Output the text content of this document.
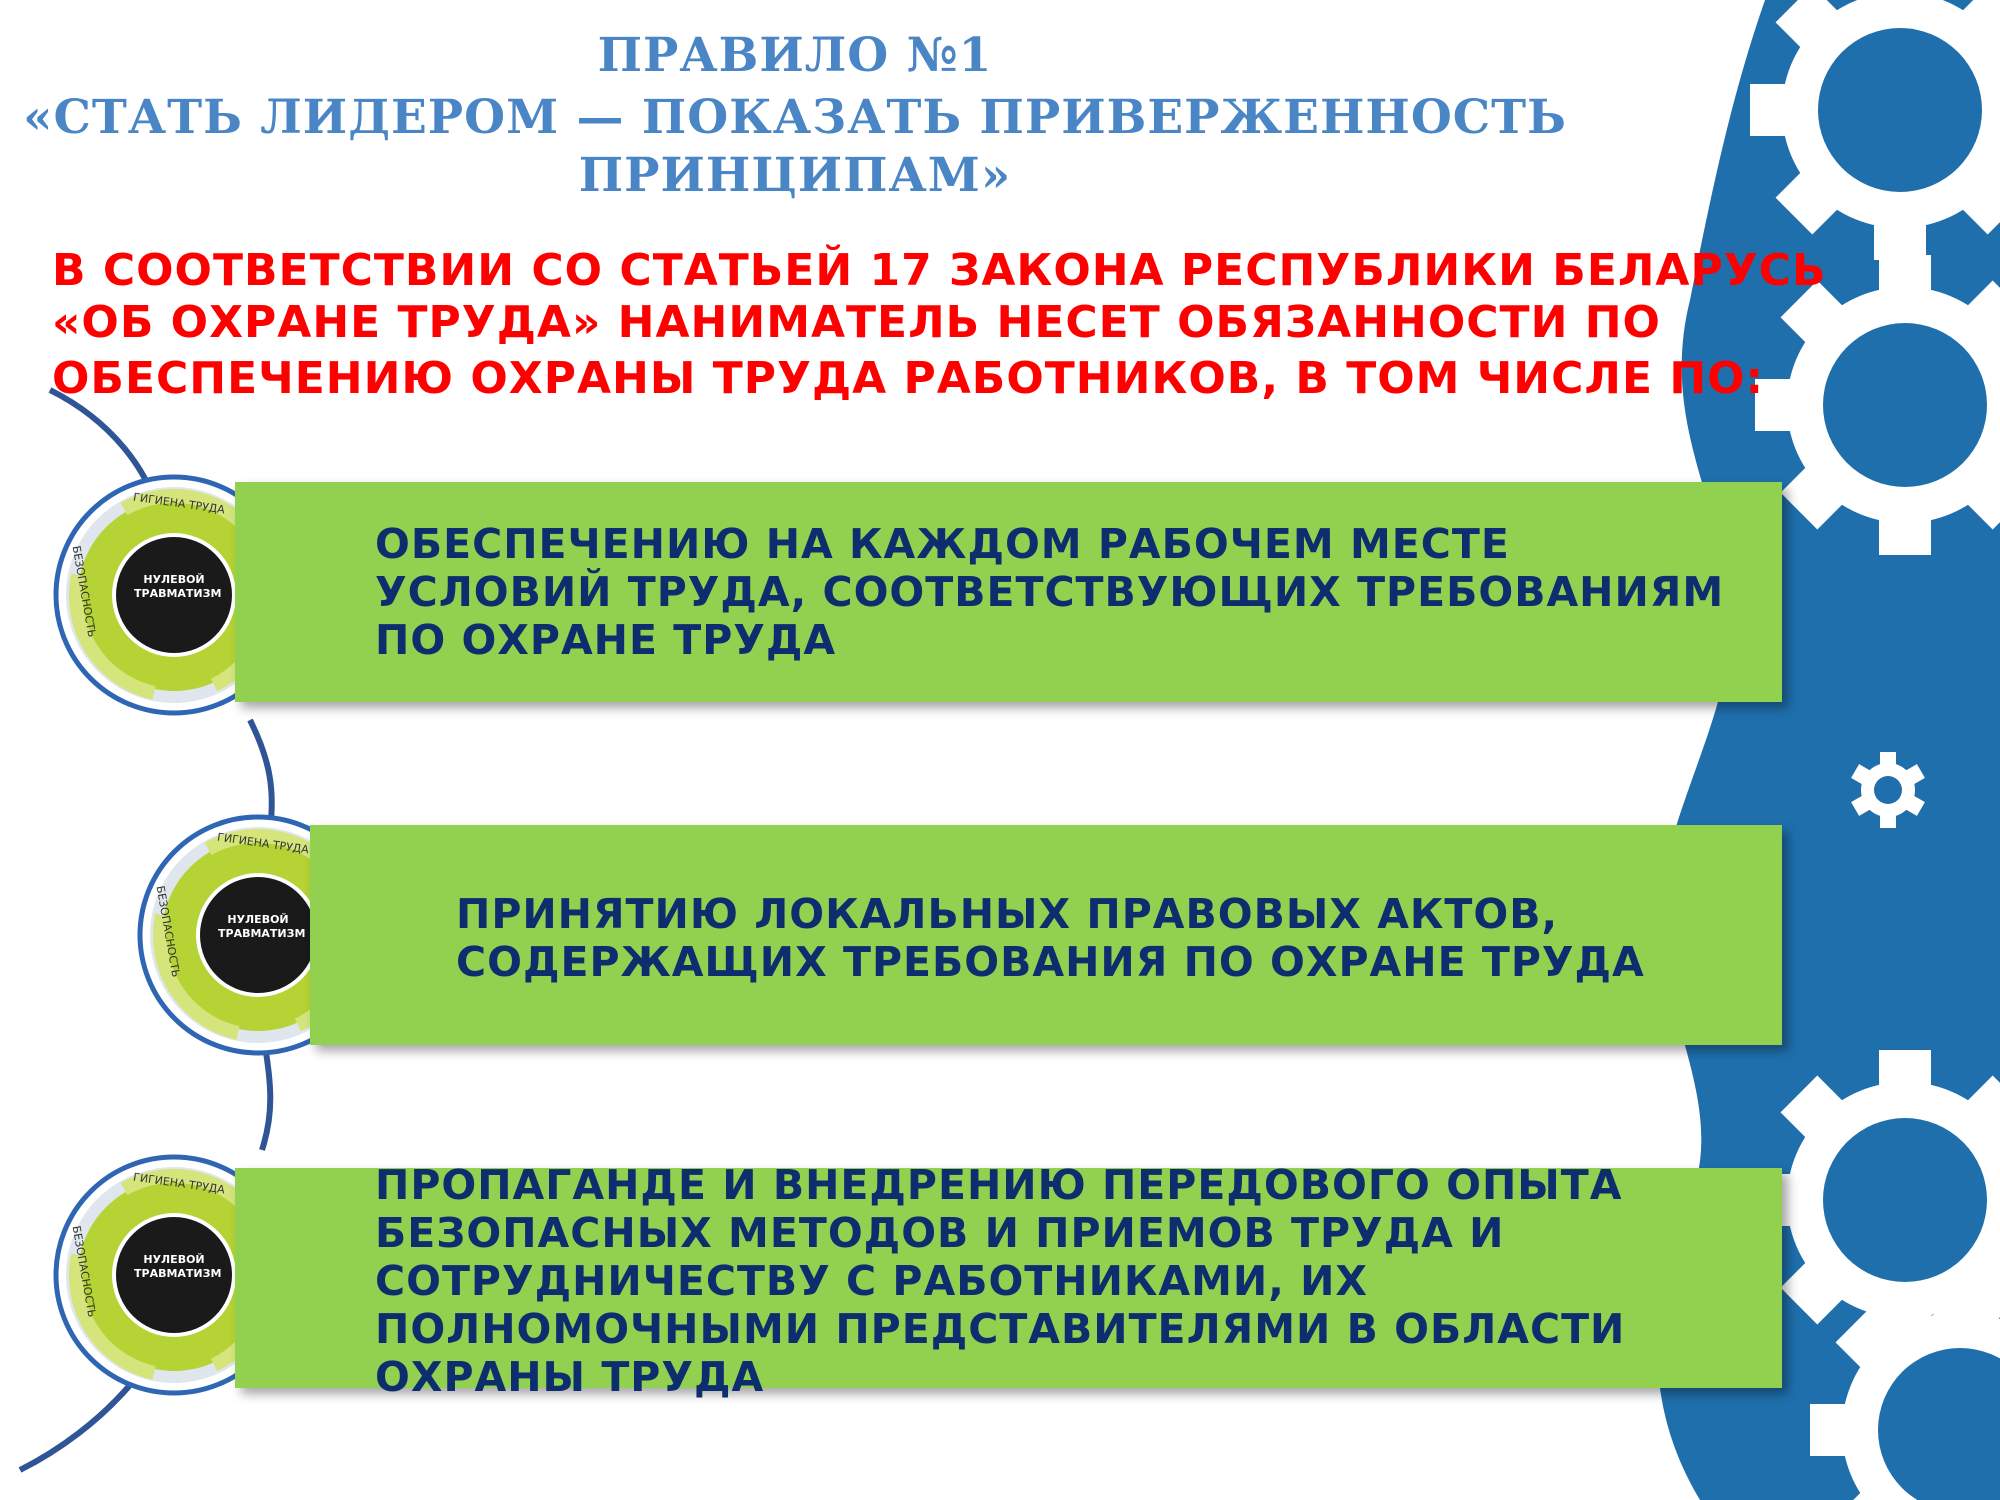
НУЛЕВОЙ
ТРАВМАТИЗМ
ГИГИЕНА ТРУДА
БЕЗОПАСНОСТЬ
НУЛЕВОЙ
ТРАВМАТИЗМ
ГИГИЕНА ТРУДА
БЕЗОПАСНОСТЬ
НУЛЕВОЙ
ТРАВМАТИЗМ
ГИГИЕНА ТРУДА
БЕЗОПАСНОСТЬ
ПРАВИЛО №1
«СТАТЬ ЛИДЕРОМ — ПОКАЗАТЬ ПРИВЕРЖЕННОСТЬ
ПРИНЦИПАМ»
В СООТВЕТСТВИИ СО СТАТЬЕЙ 17 ЗАКОНА РЕСПУБЛИКИ БЕЛАРУСЬ
«ОБ ОХРАНЕ ТРУДА» НАНИМАТЕЛЬ НЕСЕТ ОБЯЗАННОСТИ ПО
ОБЕСПЕЧЕНИЮ ОХРАНЫ ТРУДА РАБОТНИКОВ, В ТОМ ЧИСЛЕ ПО:
ОБЕСПЕЧЕНИЮ НА КАЖДОМ РАБОЧЕМ МЕСТЕ
УСЛОВИЙ ТРУДА, СООТВЕТСТВУЮЩИХ ТРЕБОВАНИЯМ
ПО ОХРАНЕ ТРУДА
ПРИНЯТИЮ ЛОКАЛЬНЫХ ПРАВОВЫХ АКТОВ,
СОДЕРЖАЩИХ ТРЕБОВАНИЯ ПО ОХРАНЕ ТРУДА
ПРОПАГАНДЕ И ВНЕДРЕНИЮ ПЕРЕДОВОГО ОПЫТА
БЕЗОПАСНЫХ МЕТОДОВ И ПРИЕМОВ ТРУДА И
СОТРУДНИЧЕСТВУ С РАБОТНИКАМИ, ИХ
ПОЛНОМОЧНЫМИ ПРЕДСТАВИТЕЛЯМИ В ОБЛАСТИ
ОХРАНЫ ТРУДА
